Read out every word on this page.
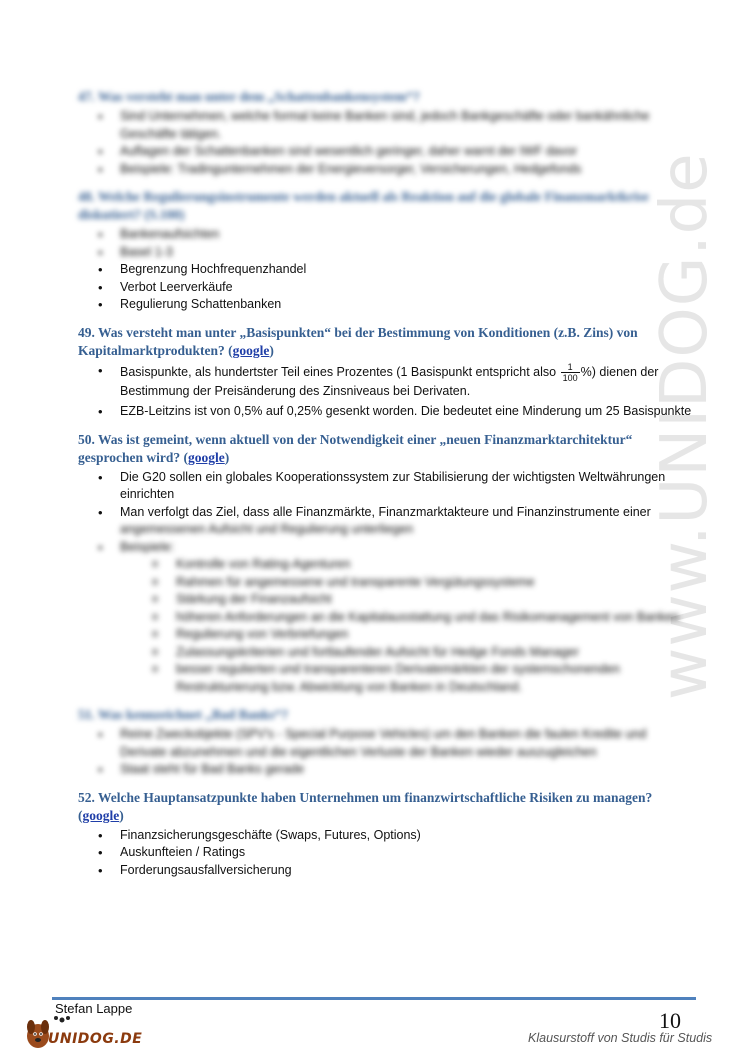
www.UNIDOG.de

47. Was versteht man unter dem „Schattenbankensystem“?

• Sind Unternehmen, welche formal keine Banken sind, jedoch Bankgeschäfte oder bankähnliche Geschäfte tätigen.
• Auflagen der Schattenbanken sind wesentlich geringer, daher warnt der IWF davor
• Beispiele: Tradingunternehmen der Energieversorger, Versicherungen, Hedgefonds

48. Welche Regulierungsinstrumente werden aktuell als Reaktion auf die globale Finanzmarktkrise diskutiert? (S.100)

• Bankenaufsichten
• Basel 1-3
• Begrenzung Hochfrequenzhandel
• Verbot Leerverkäufe
• Regulierung Schattenbanken

49. Was versteht man unter „Basispunkten“ bei der Bestimmung von Konditionen (z.B. Zins) von Kapitalmarktprodukten? (google)

• Basispunkte, als hundertster Teil eines Prozentes (1 Basispunkt entspricht also $\frac{1}{100}$ %) dienen der Bestimmung der Preisänderung des Zinsniveaus bei Derivaten.
• EZB-Leitzins ist von 0,5% auf 0,25% gesenkt worden. Die bedeutet eine Minderung um 25 Basispunkte

50. Was ist gemeint, wenn aktuell von der Notwendigkeit einer „neuen Finanzmarktarchitektur“ gesprochen wird? (google)

• Die G20 sollen ein globales Kooperationssystem zur Stabilisierung der wichtigsten Weltwährungen einrichten
• Man verfolgt das Ziel, dass alle Finanzmärkte, Finanzmarktakteure und Finanzinstrumente einer
angemessenen Aufsicht und Regulierung unterliegen
• Beispiele:
o Kontrolle von Rating-Agenturen
o Rahmen für angemessene und transparente Vergütungssysteme
o Stärkung der Finanzaufsicht
o höheren Anforderungen an die Kapitalausstattung und das Risikomanagement von Banken
o Regulierung von Verbriefungen
o Zulassungskriterien und fortlaufender Aufsicht für Hedge Fonds Manager
o besser regulierten und transparenteren Derivatemärkten der systemschonenden Restrukturierung bzw. Abwicklung von Banken in Deutschland.

51. Was kennzeichnet „Bad Banks“?

• Reine Zweckobjekte (SPV's - Special Purpose Vehicles) um den Banken die faulen Kredite und Derivate abzunehmen und die eigentlichen Verluste der Banken wieder auszugleichen
• Staat steht für Bad Banks gerade

52. Welche Hauptansatzpunkte haben Unternehmen um finanzwirtschaftliche Risiken zu managen? (google)

• Finanzsicherungsgeschäfte (Swaps, Futures, Options)
• Auskunfteien / Ratings
• Forderungsausfallversicherung
Stefan Lappe	10
Klausurstoff von Studis für Studis
UNIDOG.DE
